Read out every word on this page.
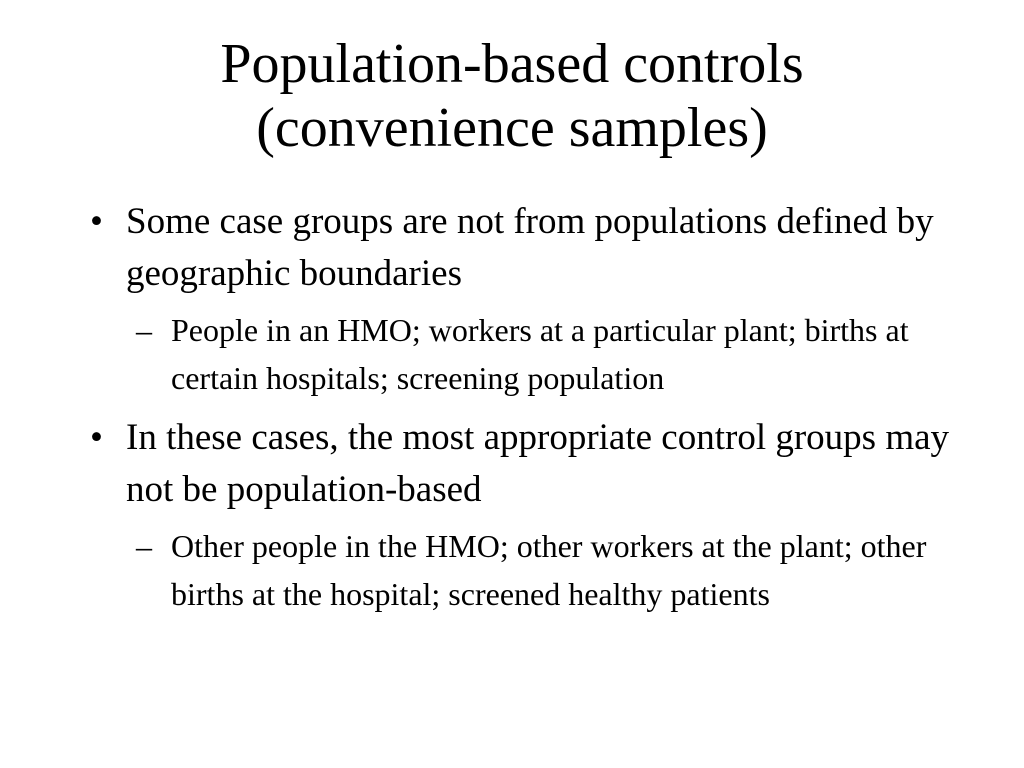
Population-based controls
(convenience samples)
• Some case groups are not from populations defined by geographic boundaries
– People in an HMO; workers at a particular plant; births at certain hospitals; screening population
• In these cases, the most appropriate control groups may not be population-based
– Other people in the HMO; other workers at the plant; other births at the hospital; screened healthy patients
